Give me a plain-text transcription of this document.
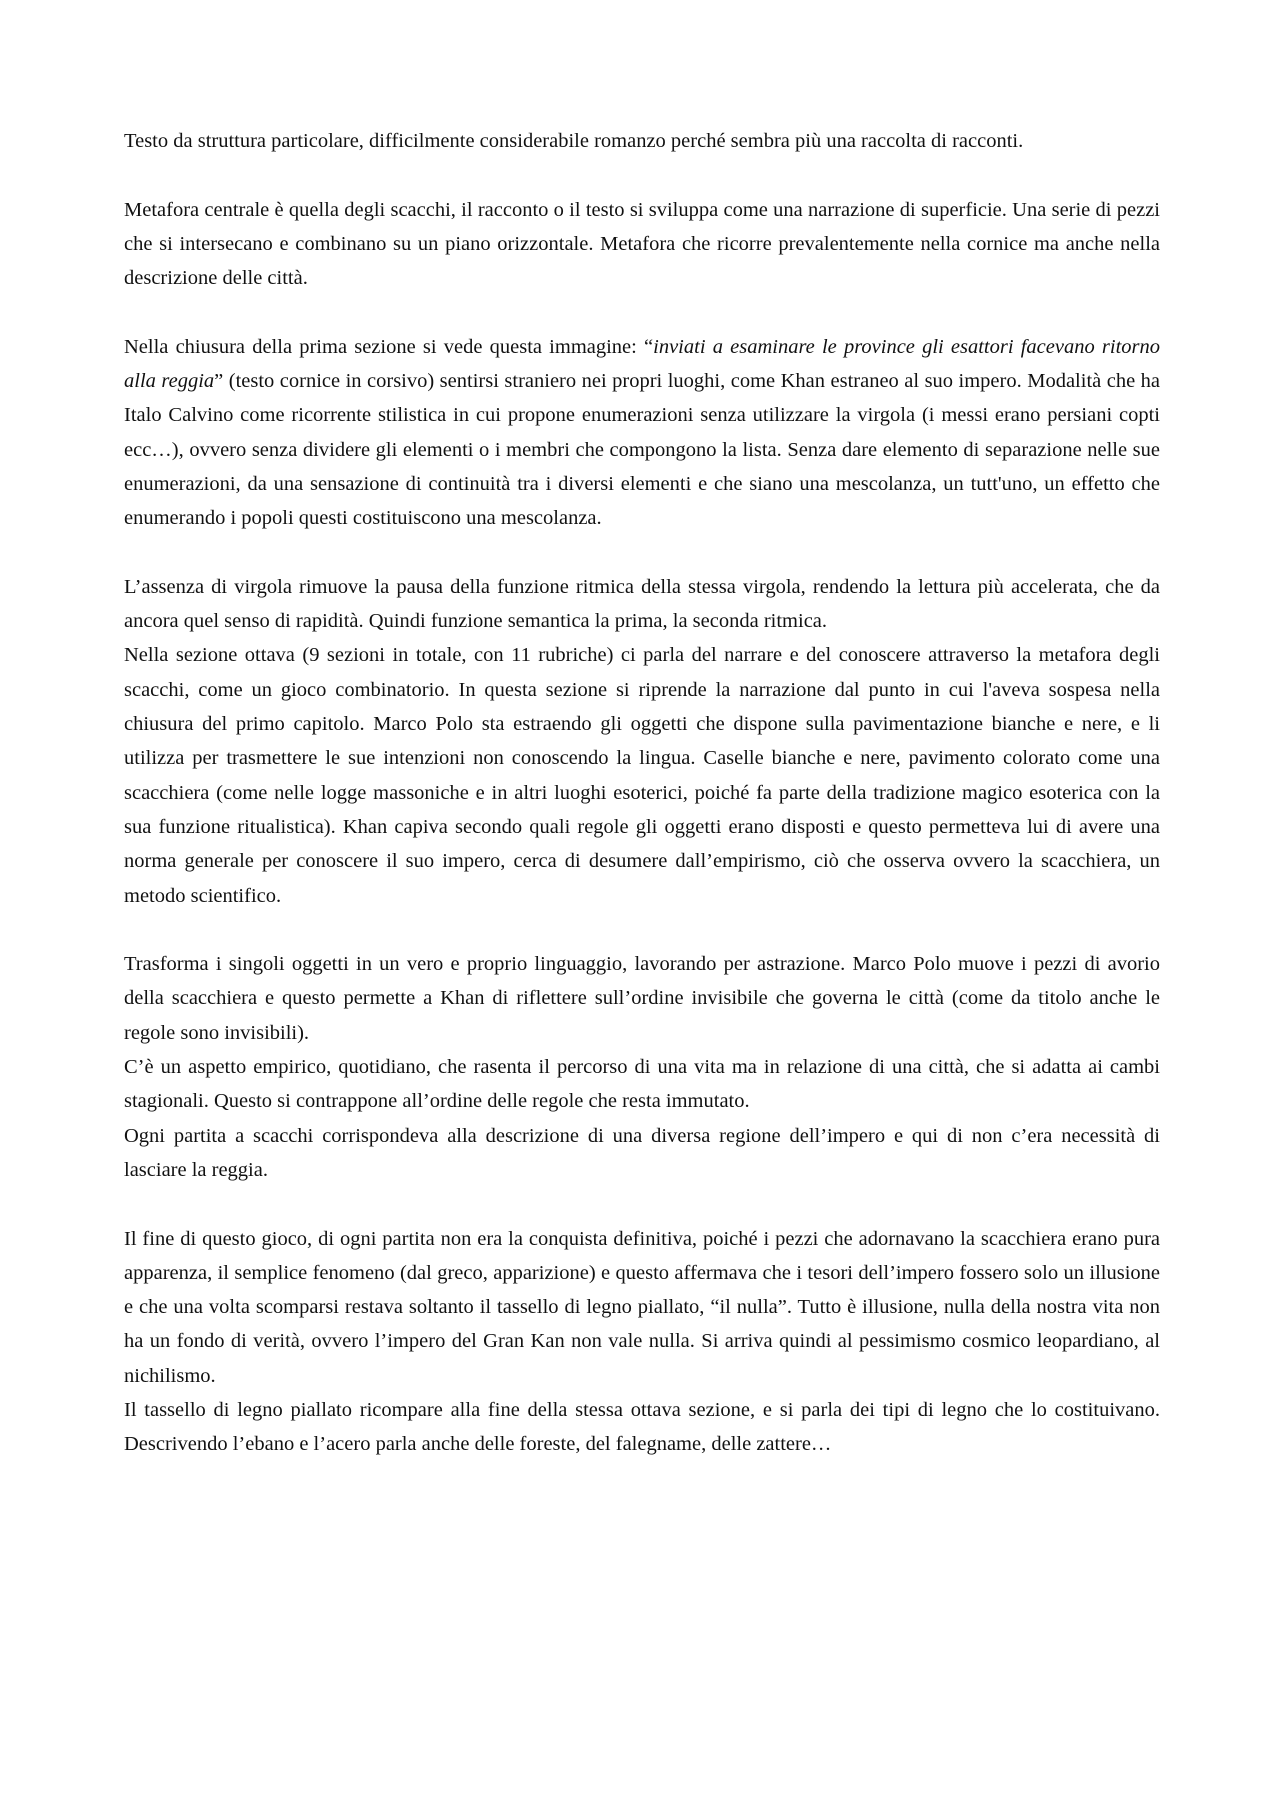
Testo da struttura particolare, difficilmente considerabile romanzo perché sembra più una raccolta di racconti.

Metafora centrale è quella degli scacchi, il racconto o il testo si sviluppa come una narrazione di superficie. Una serie di pezzi che si intersecano e combinano su un piano orizzontale. Metafora che ricorre prevalentemente nella cornice ma anche nella descrizione delle città.

Nella chiusura della prima sezione si vede questa immagine: “inviati a esaminare le province gli esattori facevano ritorno alla reggia” (testo cornice in corsivo) sentirsi straniero nei propri luoghi, come Khan estraneo al suo impero. Modalità che ha Italo Calvino come ricorrente stilistica in cui propone enumerazioni senza utilizzare la virgola (i messi erano persiani copti ecc…), ovvero senza dividere gli elementi o i membri che compongono la lista. Senza dare elemento di separazione nelle sue enumerazioni, da una sensazione di continuità tra i diversi elementi e che siano una mescolanza, un tutt'uno, un effetto che enumerando i popoli questi costituiscono una mescolanza.

L’assenza di virgola rimuove la pausa della funzione ritmica della stessa virgola, rendendo la lettura più accelerata, che da ancora quel senso di rapidità. Quindi funzione semantica la prima, la seconda ritmica.

Nella sezione ottava (9 sezioni in totale, con 11 rubriche) ci parla del narrare e del conoscere attraverso la metafora degli scacchi, come un gioco combinatorio. In questa sezione si riprende la narrazione dal punto in cui l'aveva sospesa nella chiusura del primo capitolo. Marco Polo sta estraendo gli oggetti che dispone sulla pavimentazione bianche e nere, e li utilizza per trasmettere le sue intenzioni non conoscendo la lingua. Caselle bianche e nere, pavimento colorato come una scacchiera (come nelle logge massoniche e in altri luoghi esoterici, poiché fa parte della tradizione magico esoterica con la sua funzione ritualistica). Khan capiva secondo quali regole gli oggetti erano disposti e questo permetteva lui di avere una norma generale per conoscere il suo impero, cerca di desumere dall’empirismo, ciò che osserva ovvero la scacchiera, un metodo scientifico.

Trasforma i singoli oggetti in un vero e proprio linguaggio, lavorando per astrazione. Marco Polo muove i pezzi di avorio della scacchiera e questo permette a Khan di riflettere sull’ordine invisibile che governa le città (come da titolo anche le regole sono invisibili).

C’è un aspetto empirico, quotidiano, che rasenta il percorso di una vita ma in relazione di una città, che si adatta ai cambi stagionali. Questo si contrappone all’ordine delle regole che resta immutato.

Ogni partita a scacchi corrispondeva alla descrizione di una diversa regione dell’impero e qui di non c’era necessità di lasciare la reggia.

Il fine di questo gioco, di ogni partita non era la conquista definitiva, poiché i pezzi che adornavano la scacchiera erano pura apparenza, il semplice fenomeno (dal greco, apparizione) e questo affermava che i tesori dell’impero fossero solo un illusione e che una volta scomparsi restava soltanto il tassello di legno piallato, “il nulla”. Tutto è illusione, nulla della nostra vita non ha un fondo di verità, ovvero l’impero del Gran Kan non vale nulla. Si arriva quindi al pessimismo cosmico leopardiano, al nichilismo.

Il tassello di legno piallato ricompare alla fine della stessa ottava sezione, e si parla dei tipi di legno che lo costituivano. Descrivendo l’ebano e l’acero parla anche delle foreste, del falegname, delle zattere…
